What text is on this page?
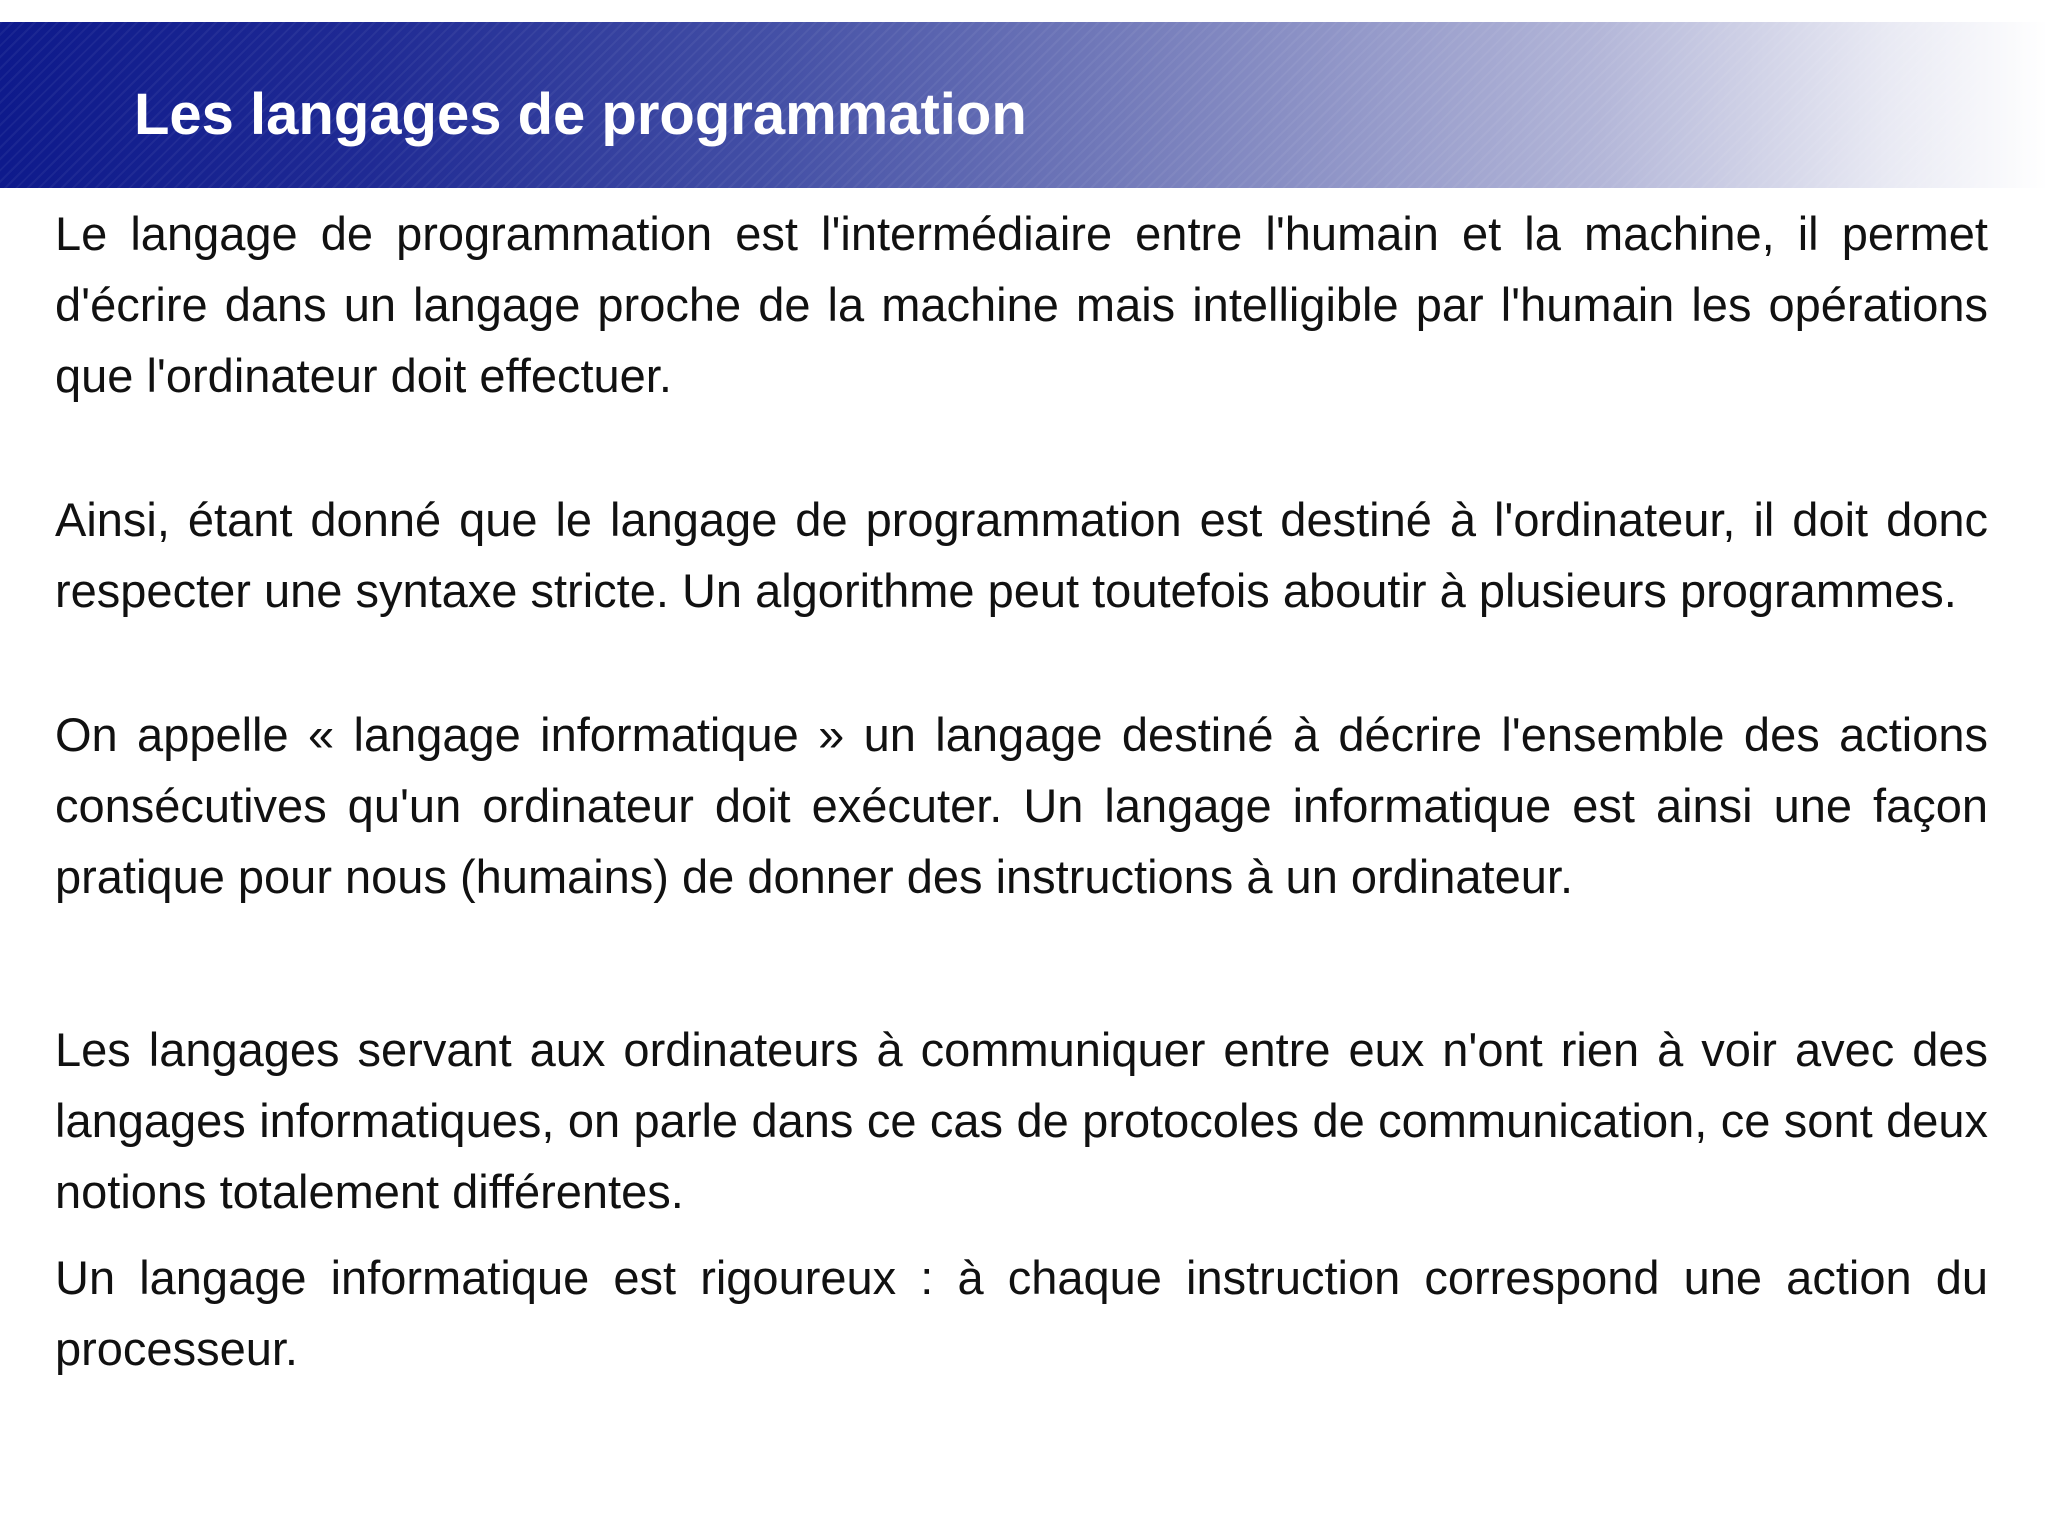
Les langages de programmation

Le langage de programmation est l'intermédiaire entre l'humain et la machine, il permet d'écrire dans un langage proche de la machine mais intelligible par l'humain les opérations que l'ordinateur doit effectuer.

Ainsi, étant donné que le langage de programmation est destiné à l'ordinateur, il doit donc respecter une syntaxe stricte. Un algorithme peut toutefois aboutir à plusieurs programmes.

On appelle « langage informatique » un langage destiné à décrire l'ensemble des actions consécutives qu'un ordinateur doit exécuter. Un langage informatique est ainsi une façon pratique pour nous (humains) de donner des instructions à un ordinateur.

Les langages servant aux ordinateurs à communiquer entre eux n'ont rien à voir avec des langages informatiques, on parle dans ce cas de protocoles de communication, ce sont deux notions totalement différentes.

Un langage informatique est rigoureux : à chaque instruction correspond une action du processeur.
